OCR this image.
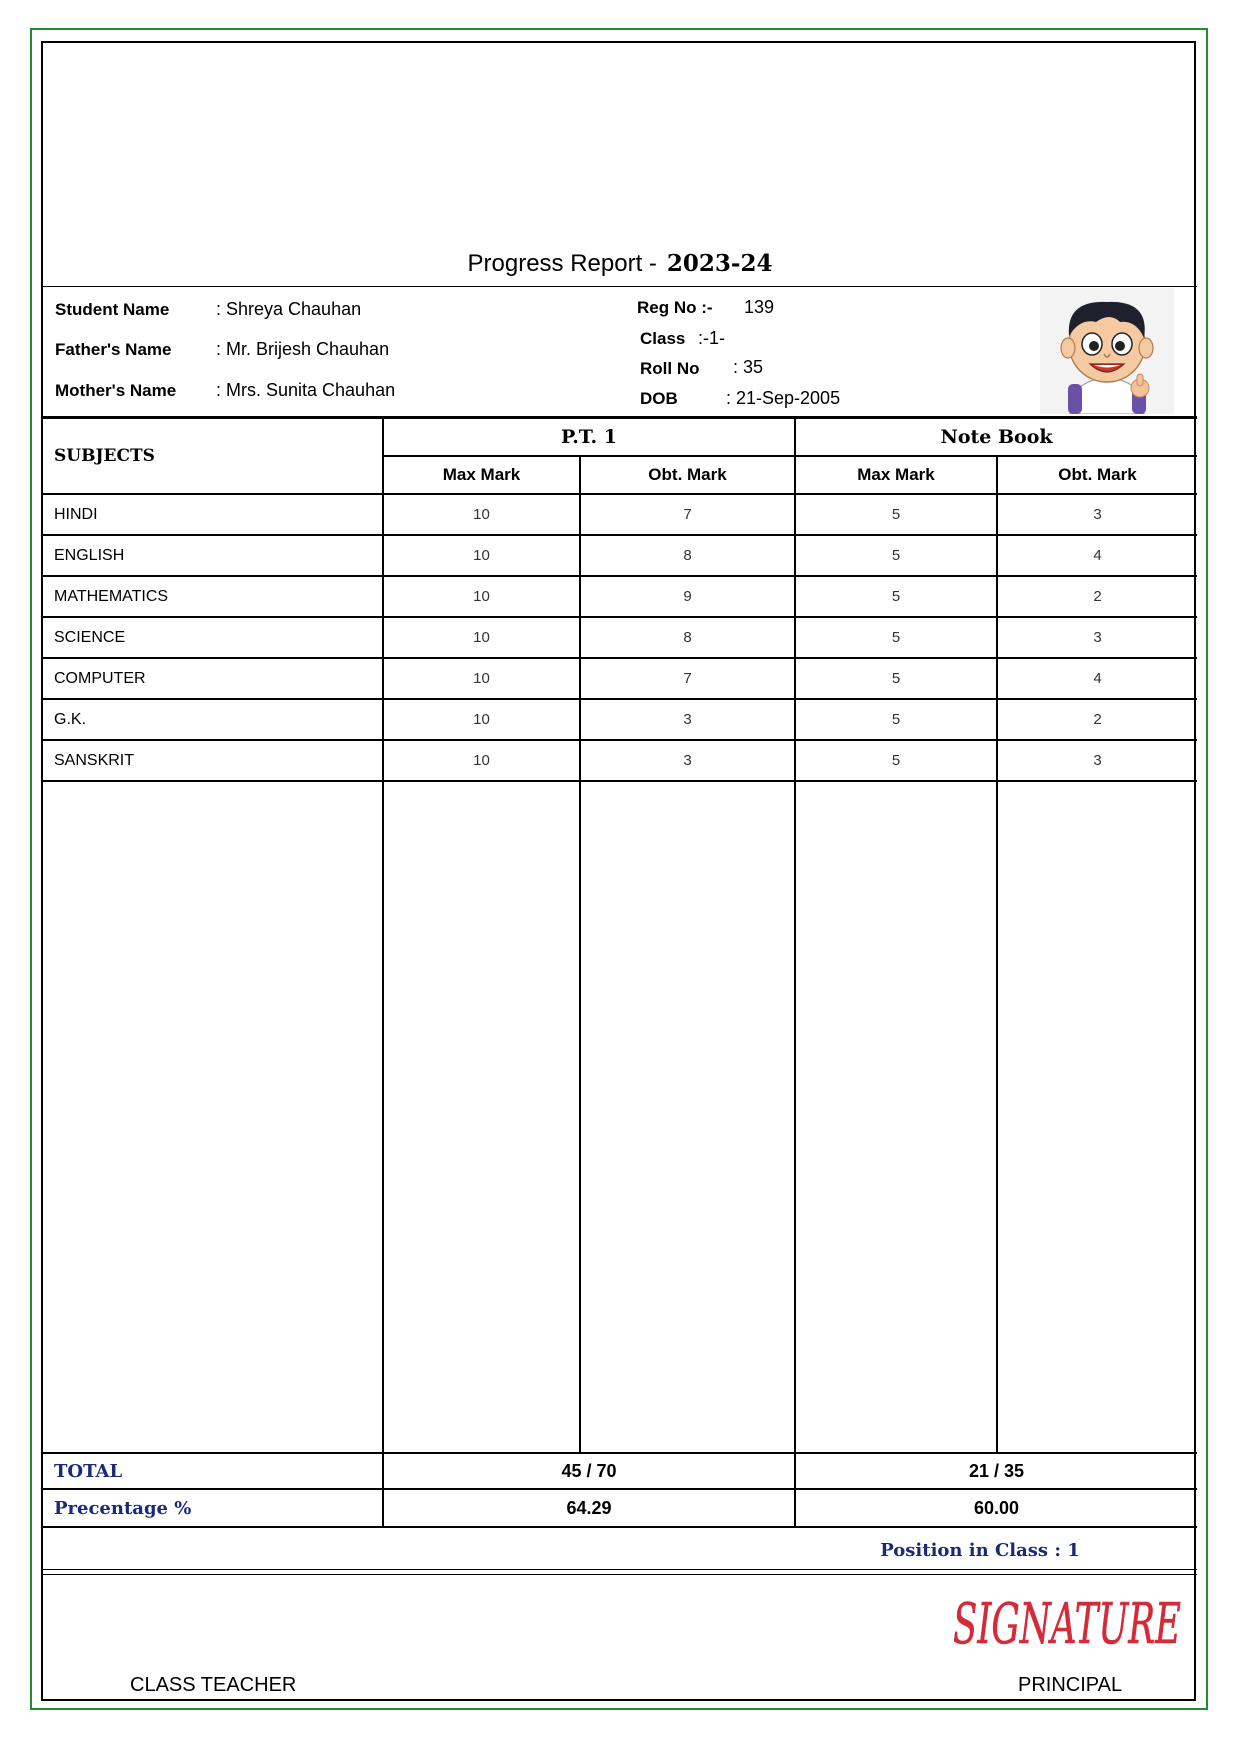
Progress Report - 2023-24
Student Name	: Shreya Chauhan
Father's Name : Mr. Brijesh Chauhan
Mother's Name : Mrs. Sunita Chauhan
Reg No :- 139
Class :-1-
Roll No : 35
DOB	: 21-Sep-2005
SUBJECTS	P.T. 1		Note Book	
	Max Mark	Obt. Mark	Max Mark	Obt. Mark
HINDI	10	7	5	3
ENGLISH	10	8	5	4
MATHEMATICS	10	9	5	2
SCIENCE	10	8	5	3
COMPUTER	10	7	5	4
G.K.	10	3	5	2
SANSKRIT	10	3	5	3

TOTAL	45 / 70		21 / 35	
Precentage %	64.29		60.00	
Position in Class : 1
SIGNATURE
CLASS TEACHER	PRINCIPAL
